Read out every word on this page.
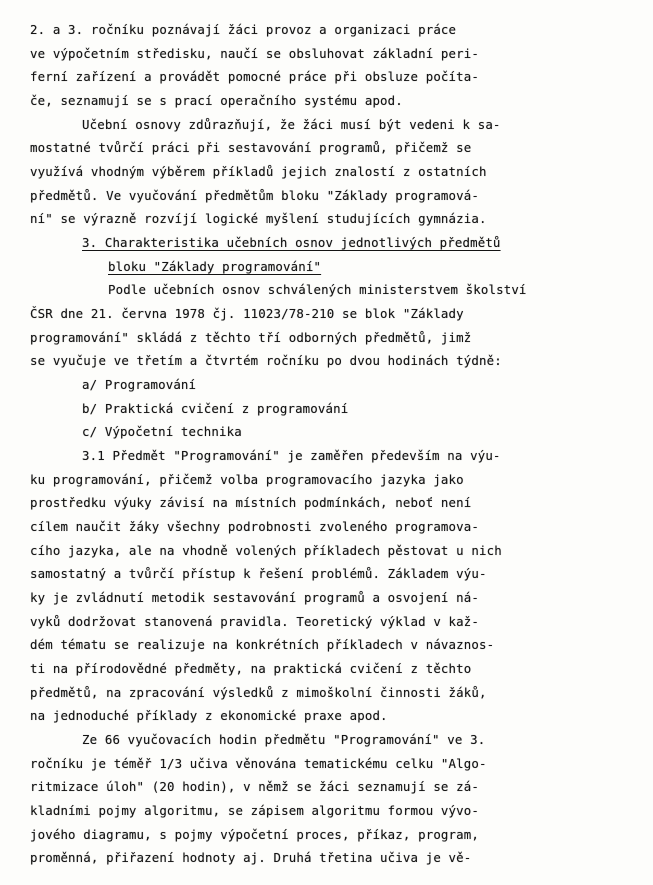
2. a 3. ročníku poznávají žáci provoz a organizaci práce
ve výpočetním středisku, naučí se obsluhovat základní peri-
ferní zařízení a provádět pomocné práce při obsluze počíta-
če, seznamují se s prací operačního systému apod.
Učební osnovy zdůrazňují, že žáci musí být vedeni k sa-
mostatné tvůrčí práci při sestavování programů, přičemž se
využívá vhodným výběrem příkladů jejich znalostí z ostatních
předmětů. Ve vyučování předmětům bloku "Základy programová-
ní" se výrazně rozvíjí logické myšlení studujících gymnázia.
3. Charakteristika učebních osnov jednotlivých předmětů
bloku "Základy programování"
Podle učebních osnov schválených ministerstvem školství
ČSR dne 21. června 1978 čj. 11023/78-210 se blok "Základy
programování" skládá z těchto tří odborných předmětů, jimž
se vyučuje ve třetím a čtvrtém ročníku po dvou hodinách týdně:
a/ Programování
b/ Praktická cvičení z programování
c/ Výpočetní technika
3.1 Předmět "Programování" je zaměřen především na výu-
ku programování, přičemž volba programovacího jazyka jako
prostředku výuky závisí na místních podmínkách, neboť není
cílem naučit žáky všechny podrobnosti zvoleného programova-
cího jazyka, ale na vhodně volených příkladech pěstovat u nich
samostatný a tvůrčí přístup k řešení problémů. Základem výu-
ky je zvládnutí metodik sestavování programů a osvojení ná-
vyků dodržovat stanovená pravidla. Teoretický výklad v kaž-
dém tématu se realizuje na konkrétních příkladech v návaznos-
ti na přírodovědné předměty, na praktická cvičení z těchto
předmětů, na zpracování výsledků z mimoškolní činnosti žáků,
na jednoduché příklady z ekonomické praxe apod.
Ze 66 vyučovacích hodin předmětu "Programování" ve 3.
ročníku je téměř 1/3 učiva věnována tematickému celku "Algo-
ritmizace úloh" (20 hodin), v němž se žáci seznamují se zá-
kladními pojmy algoritmu, se zápisem algoritmu formou vývo-
jového diagramu, s pojmy výpočetní proces, příkaz, program,
proměnná, přiřazení hodnoty aj. Druhá třetina učiva je vě-
